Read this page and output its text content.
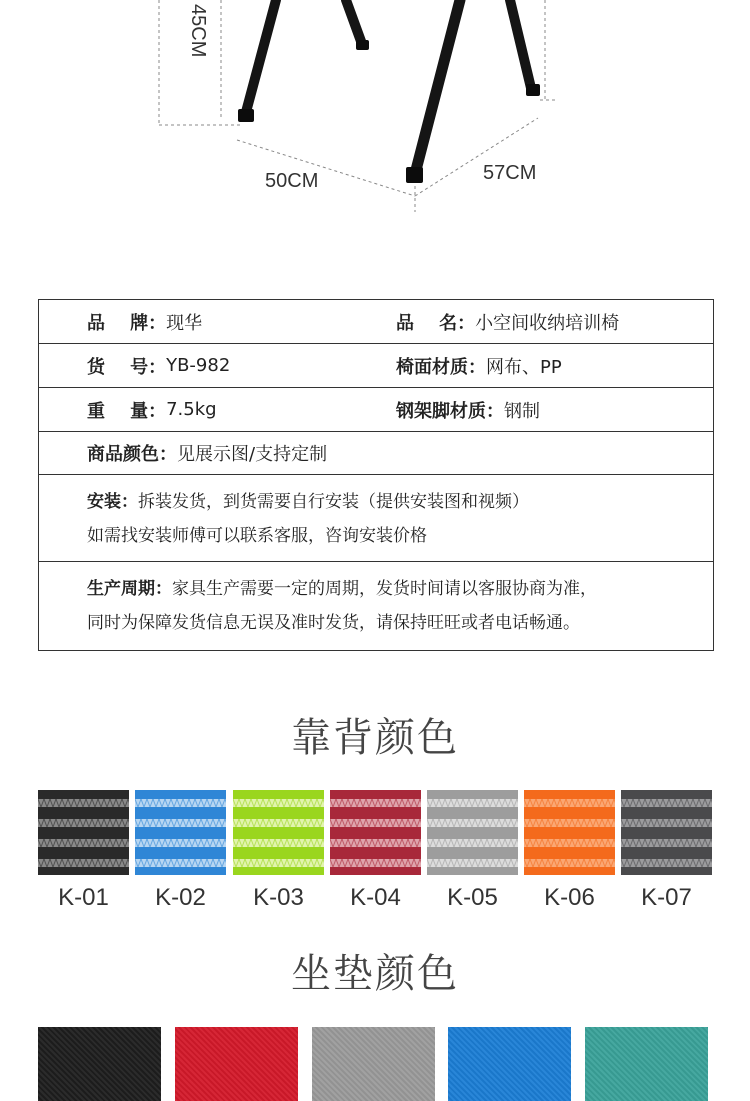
45CM
50CM	57CM
品    牌： 现华	品    名： 小空间收纳培训椅
货    号： YB-982	椅面材质： 网布、PP
重    量： 7.5kg	钢架脚材质： 钢制
商品颜色： 见展示图/支持定制
安装：拆装发货，到货需要自行安装（提供安装图和视频）
如需找安装师傅可以联系客服，咨询安装价格
生产周期：家具生产需要一定的周期，发货时间请以客服协商为准，
同时为保障发货信息无误及准时发货，请保持旺旺或者电话畅通。
靠背颜色
K-01	K-02	K-03	K-04	K-05	K-06	K-07
坐垫颜色
